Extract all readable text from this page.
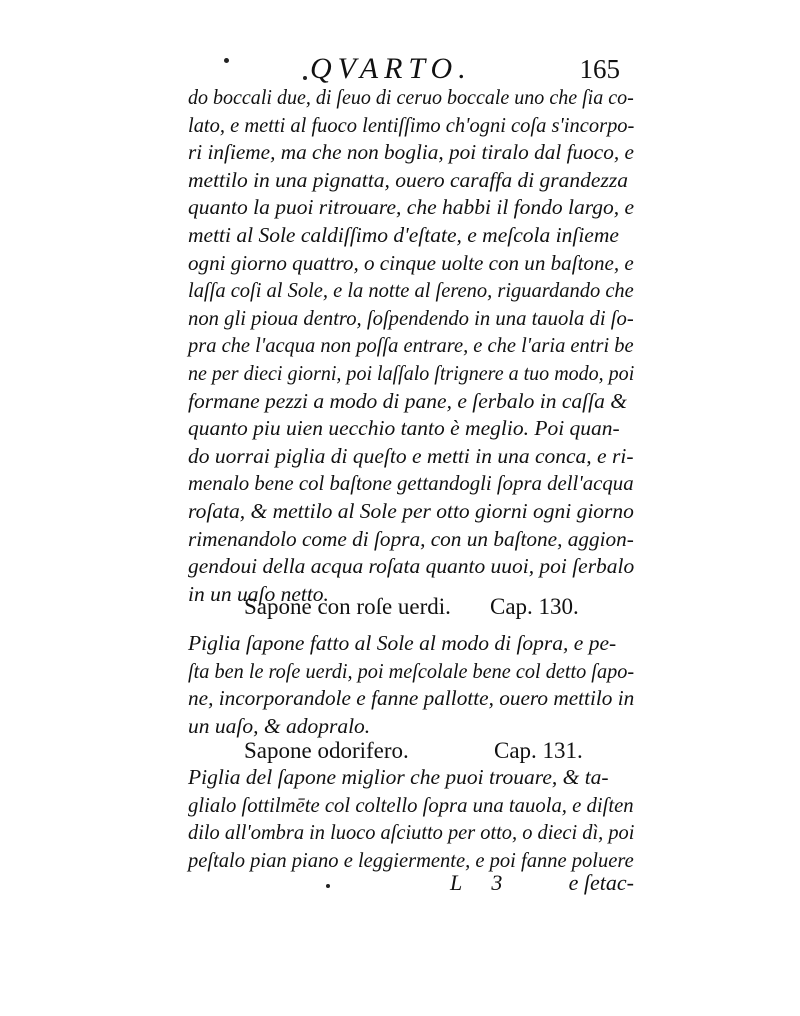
QVARTO.	165
do boccali due, di ſeuo di ceruo boccale uno che ſia co-
lato, e metti al fuoco lentiſſimo ch'ogni coſa s'incorpo-
ri inſieme, ma che non boglia, poi tiralo dal fuoco, e
mettilo in una pignatta, ouero caraffa di grandezza
quanto la puoi ritrouare, che habbi il fondo largo, e
metti al Sole caldiſſimo d'eſtate, e meſcola inſieme
ogni giorno quattro, o cinque uolte con un baſtone, e
laſſa coſi al Sole, e la notte al ſereno, riguardando che
non gli pioua dentro, ſoſpendendo in una tauola di ſo-
pra che l'acqua non poſſa entrare, e che l'aria entri be
ne per dieci giorni, poi laſſalo ſtrignere a tuo modo, poi
formane pezzi a modo di pane, e ſerbalo in caſſa &
quanto piu uien uecchio tanto è meglio. Poi quan-
do uorrai piglia di queſto e metti in una conca, e ri-
menalo bene col baſtone gettandogli ſopra dell'acqua
roſata, & mettilo al Sole per otto giorni ogni giorno
rimenandolo come di ſopra, con un baſtone, aggion-
gendoui della acqua roſata quanto uuoi, poi ſerbalo
in un uaſo netto.
Sapone con roſe uerdi. Cap. 130.
Piglia ſapone fatto al Sole al modo di ſopra, e pe-
ſta ben le roſe uerdi, poi meſcolale bene col detto ſapo-
ne, incorporandole e fanne pallotte, ouero mettilo in
un uaſo, & adopralo.
Sapone odorifero.	Cap. 131.
Piglia del ſapone miglior che puoi trouare, & ta-
glialo ſottilmēte col coltello ſopra una tauola, e diſten
dilo all'ombra in luoco aſciutto per otto, o dieci dì, poi
peſtalo pian piano e leggiermente, e poi fanne poluere
L 3 e ſetac-
